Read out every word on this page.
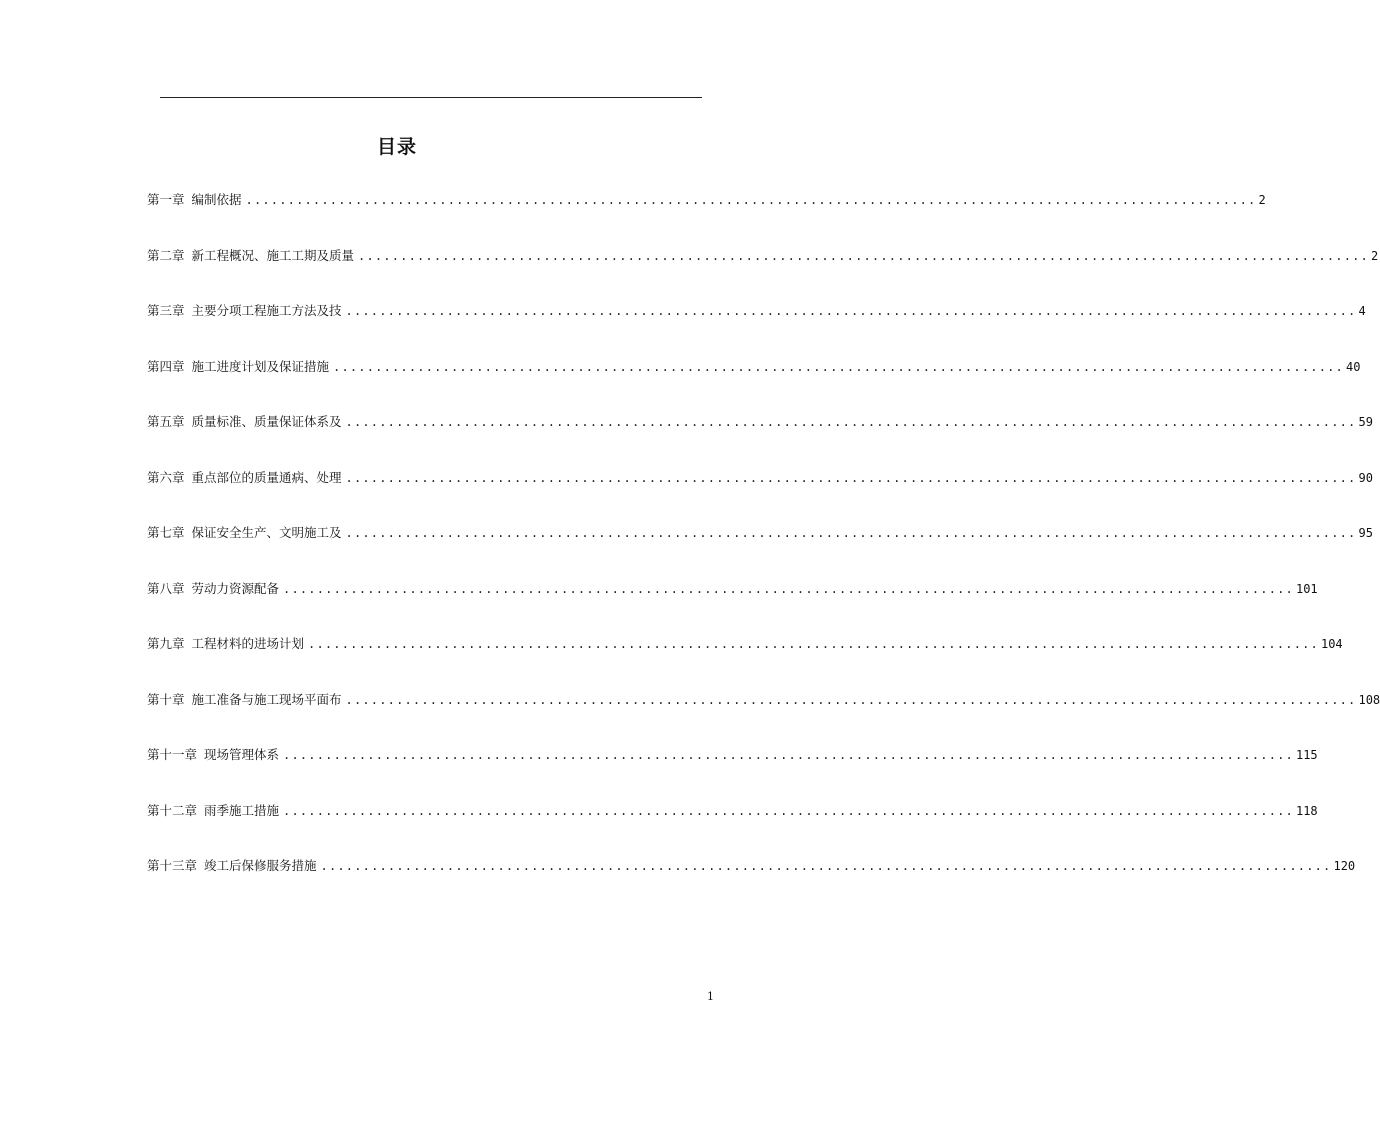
目录
第一章 编制依据 ........................................................................................................................ 2
第二章 新工程概况、施工工期及质量 ........................................................................................................................ 2
第三章 主要分项工程施工方法及技 ........................................................................................................................ 4
第四章 施工进度计划及保证措施 ........................................................................................................................ 40
第五章 质量标准、质量保证体系及 ........................................................................................................................ 59
第六章 重点部位的质量通病、处理 ........................................................................................................................ 90
第七章 保证安全生产、文明施工及 ........................................................................................................................ 95
第八章 劳动力资源配备 ........................................................................................................................ 101
第九章 工程材料的进场计划 ........................................................................................................................ 104
第十章 施工准备与施工现场平面布 ........................................................................................................................ 108
第十一章 现场管理体系 ........................................................................................................................ 115
第十二章 雨季施工措施 ........................................................................................................................ 118
第十三章 竣工后保修服务措施 ........................................................................................................................ 120
1
